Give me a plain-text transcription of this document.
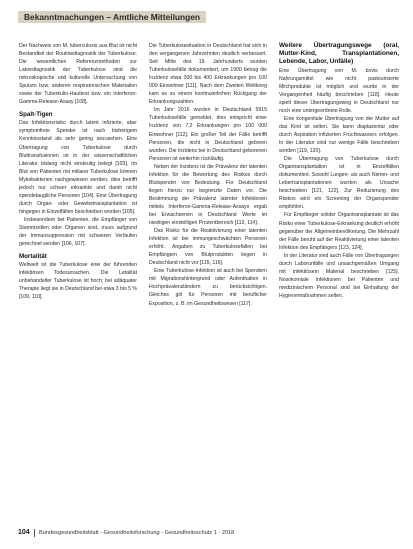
Bekanntmachungen – Amtliche Mitteilungen

Der Nachweis von M. tuberculosis aus Blut ist nicht Bestandteil der Routinediagnostik der Tuberkulose. Die wesentlichen Referenzmethoden zur Labordiagnostik der Tuberkulose sind die mikroskopische und kulturelle Untersuchung von Sputum bzw. anderen respiratorischen Materialien sowie der Tuberkulin-Hauttest bzw. ein Interferon-Gamma-Release-Assay [108].

Spalt-Tigen

Das Infektionsrisiko durch latent infizierte, aber symptomfreie Spender ist nach bisherigem Kenntnisstand als sehr gering anzusehen. Eine Übertragung von Tuberkulose durch Bluttransfusionen ist in der wissenschaftlichen Literatur bislang nicht eindeutig belegt [103]. Im Blut von Patienten mit miliarer Tuberkulose können Mykobakterien nachgewiesen werden, dies betrifft jedoch nur schwer erkrankte und damit nicht spendetaugliche Personen [104]. Eine Übertragung durch Organ- oder Gewebetransplantation ist hingegen in Einzelfällen beschrieben worden [105].

Insbesondere bei Patienten, die Empfänger von Stammzellen oder Organen sind, muss aufgrund der Immunsuppression mit schweren Verläufen gerechnet werden [106, 107].

Mortalität

Weltweit ist die Tuberkulose eine der führenden infektiösen Todesursachen. Die Letalität unbehandelter Tuberkulose ist hoch; bei adäquater Therapie liegt sie in Deutschland bei etwa 3 bis 5 % [109, 110].

Die Tuberkulosesituation in Deutschland hat sich in den vergangenen Jahrzehnten deutlich verbessert. Seit Mitte des 19. Jahrhunderts wurden Tuberkulosefälle dokumentiert, um 1900 betrug die Inzidenz etwa 300 bis 400 Erkrankungen pro 100 000 Einwohner [111]. Nach dem Zweiten Weltkrieg kam es zu einem kontinuierlichen Rückgang der Erkrankungszahlen.

Im Jahr 2016 wurden in Deutschland 5915 Tuberkulosefälle gemeldet, dies entspricht einer Inzidenz von 7,2 Erkrankungen pro 100 000 Einwohner [112]. Ein großer Teil der Fälle betrifft Personen, die nicht in Deutschland geboren wurden. Die Inzidenz bei in Deutschland geborenen Personen ist weiterhin rückläufig.

Neben der Inzidenz ist die Prävalenz der latenten Infektion für die Bewertung des Risikos durch Blutspender von Bedeutung. Für Deutschland liegen hierzu nur begrenzte Daten vor. Die Bestimmung der Prävalenz latenter Infektionen mittels Interferon-Gamma-Release-Assays ergab bei Erwachsenen in Deutschland Werte im niedrigen einstelligen Prozentbereich [113, 114].

Das Risiko für die Reaktivierung einer latenten Infektion ist bei immungeschwächten Personen erhöht. Angaben zu Tuberkulosefällen bei Empfängern von Blutprodukten liegen in Deutschland nicht vor [115, 116].

Eine Tuberkulose-Infektion ist auch bei Spendern mit Migrationshintergrund oder Aufenthalten in Hochprävalenzländern zu berücksichtigen. Gleiches gilt für Personen mit beruflicher Exposition, z. B. im Gesundheitswesen [117].

Weitere Übertragungswege (oral, Mutter-Kind, Transplantationen, Lebende, Labor, Unfälle)

Eine Übertragung von M. bovis durch Nahrungsmittel wie nicht pasteurisierte Milchprodukte ist möglich und wurde in der Vergangenheit häufig beschrieben [118]. Heute spielt dieser Übertragungsweg in Deutschland nur noch eine untergeordnete Rolle.

Eine kongenitale Übertragung von der Mutter auf das Kind ist selten. Sie kann diaplazentar oder durch Aspiration infizierten Fruchtwassers erfolgen. In der Literatur sind nur wenige Fälle beschrieben worden [119, 120].

Die Übertragung von Tuberkulose durch Organtransplantation ist in Einzelfällen dokumentiert. Sowohl Lungen- als auch Nieren- und Lebertransplantationen wurden als Ursache beschrieben [121, 122]. Zur Reduzierung des Risikos wird ein Screening der Organspender empfohlen.

Für Empfänger solider Organtransplantate ist das Risiko einer Tuberkulose-Erkrankung deutlich erhöht gegenüber der Allgemeinbevölkerung. Die Mehrzahl der Fälle beruht auf der Reaktivierung einer latenten Infektion des Empfängers [123, 124].

In der Literatur sind auch Fälle von Übertragungen durch Laborunfälle und unsachgemäßen Umgang mit infektiösem Material beschrieben [125]. Nosokomiale Infektionen bei Patienten und medizinischem Personal sind bei Einhaltung der Hygienemaßnahmen selten.

104 Bundesgesundheitsblatt - Gesundheitsforschung - Gesundheitsschutz 1 · 2018
